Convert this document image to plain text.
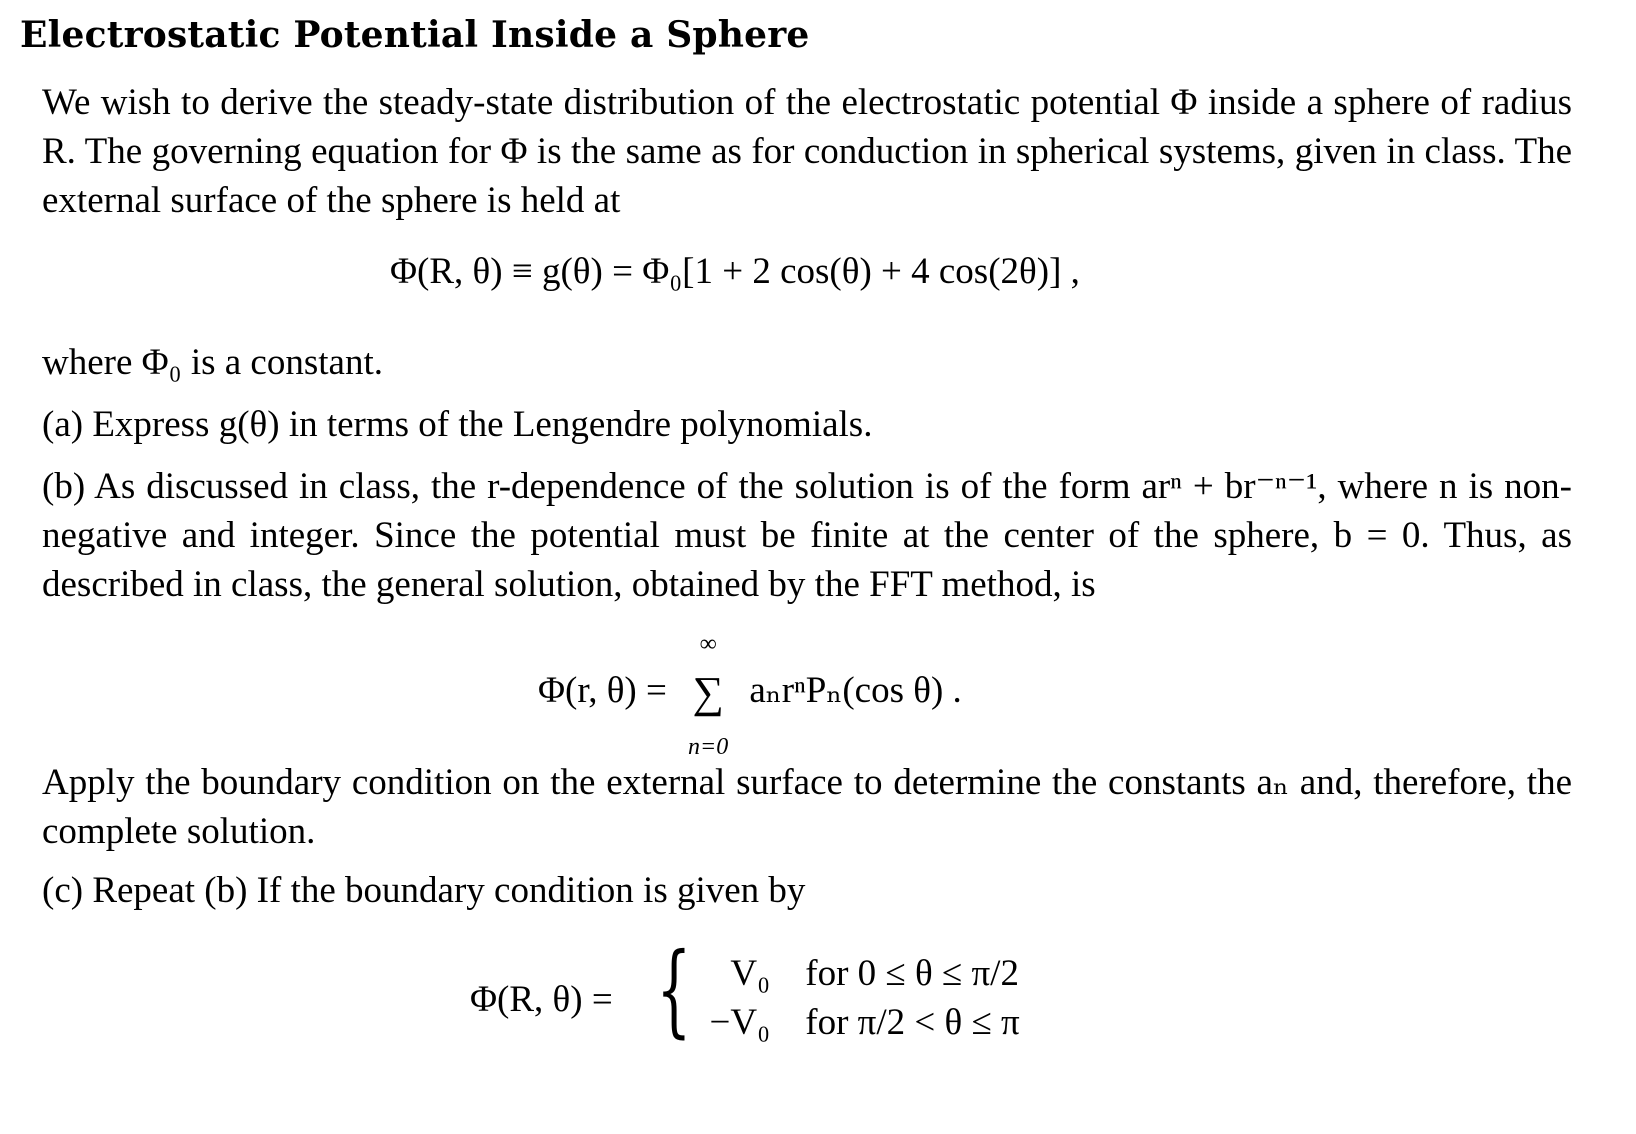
Electrostatic Potential Inside a Sphere
We wish to derive the steady-state distribution of the electrostatic potential Φ inside a sphere of radius R. The governing equation for Φ is the same as for conduction in spherical systems, given in class. The external surface of the sphere is held at
Φ(R, θ) ≡ g(θ) = Φ₀[1 + 2 cos(θ) + 4 cos(2θ)] ,
where Φ₀ is a constant.
(a) Express g(θ) in terms of the Lengendre polynomials.
(b) As discussed in class, the r-dependence of the solution is of the form arⁿ + br⁻ⁿ⁻¹, where n is non-negative and integer. Since the potential must be finite at the center of the sphere, b = 0. Thus, as described in class, the general solution, obtained by the FFT method, is
Φ(r, θ) =
∞
∑
n=0
aₙrⁿPₙ(cos θ) .
Apply the boundary condition on the external surface to determine the constants aₙ and, therefore, the complete solution.
(c) Repeat (b) If the boundary condition is given by
Φ(R, θ) = {	V₀ for 0 ≤ θ ≤ π/2
−V₀ for π/2 < θ ≤ π
